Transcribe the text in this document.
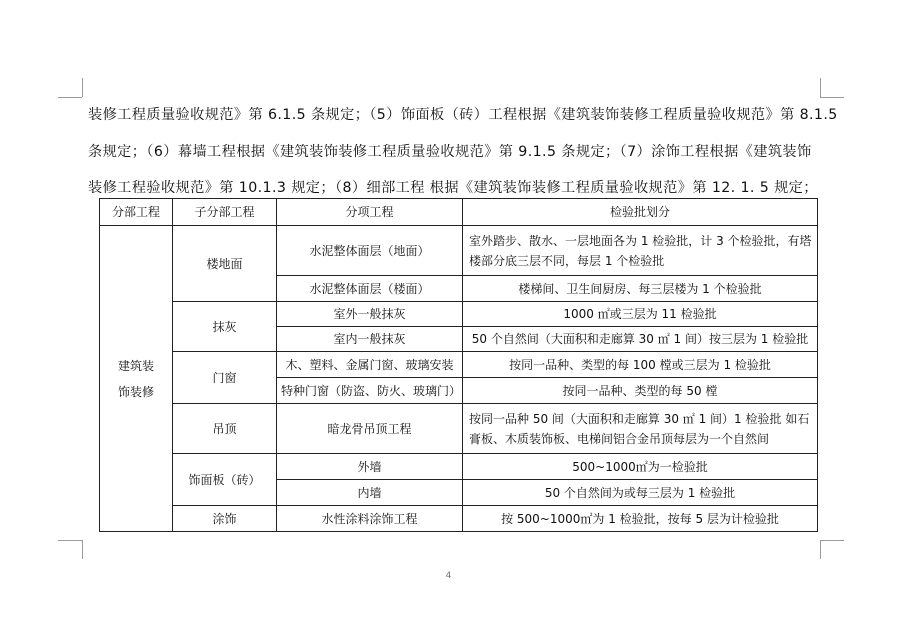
装修工程质量验收规范》第 6.1.5 条规定；（5）饰面板（砖）工程根据《建筑装饰装修工程质量验收规范》第 8.1.5
条规定；（6）幕墙工程根据《建筑装饰装修工程质量验收规范》第 9.1.5 条规定；（7）涂饰工程根据《建筑装饰
装修工程验收规范》第 10.1.3 规定；（8）细部工程 根据《建筑装饰装修工程质量验收规范》第 12. 1. 5 规定；
分部工程	子分部工程	分项工程	检验批划分

建筑装饰装修	楼地面	水泥整体面层（地面）	室外踏步、散水、一层地面各为 1 检验批，计 3 个检验批，有塔楼部分底三层不同，每层 1 个检验批
		水泥整体面层（楼面）	楼梯间、卫生间厨房、每三层楼为 1 个检验批
	抹灰	室外一般抹灰	1000 ㎡或三层为 11 检验批
		室内一般抹灰	50 个自然间（大面积和走廊算 30 ㎡ 1 间）按三层为 1 检验批
	门窗	木、塑料、金属门窗、玻璃安装	按同一品种、类型的每 100 樘或三层为 1 检验批
		特种门窗（防盗、防火、玻璃门）	按同一品种、类型的每 50 樘
	吊顶	暗龙骨吊顶工程	按同一品种 50 间（大面积和走廊算 30 ㎡ 1 间）1 检验批 如石膏板、木质装饰板、电梯间铝合金吊顶每层为一个自然间
	饰面板（砖）	外墙	500~1000㎡为一检验批
		内墙	50 个自然间为或每三层为 1 检验批
	涂饰	水性涂料涂饰工程	按 500~1000㎡为 1 检验批，按每 5 层为计检验批
4
